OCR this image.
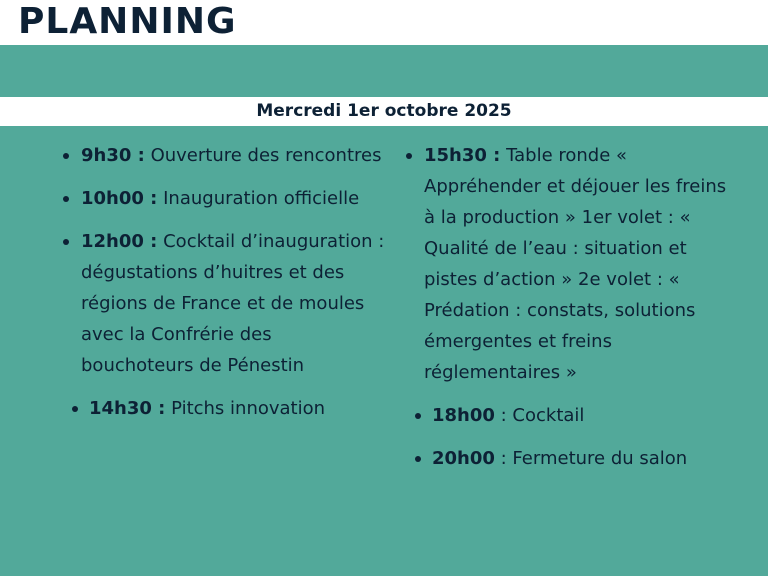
PLANNING
Mercredi 1er octobre 2025
9h30 : Ouverture des rencontres
10h00 : Inauguration officielle
12h00 : Cocktail d’inauguration : dégustations d’huitres et des régions de France et de moules avec la Confrérie des bouchoteurs de Pénestin
14h30 : Pitchs innovation
15h30 : Table ronde « Appréhender et déjouer les freins à la production » 1er volet : « Qualité de l’eau : situation et pistes d’action » 2e volet : « Prédation : constats, solutions émergentes et freins réglementaires »
18h00 : Cocktail
20h00 : Fermeture du salon
